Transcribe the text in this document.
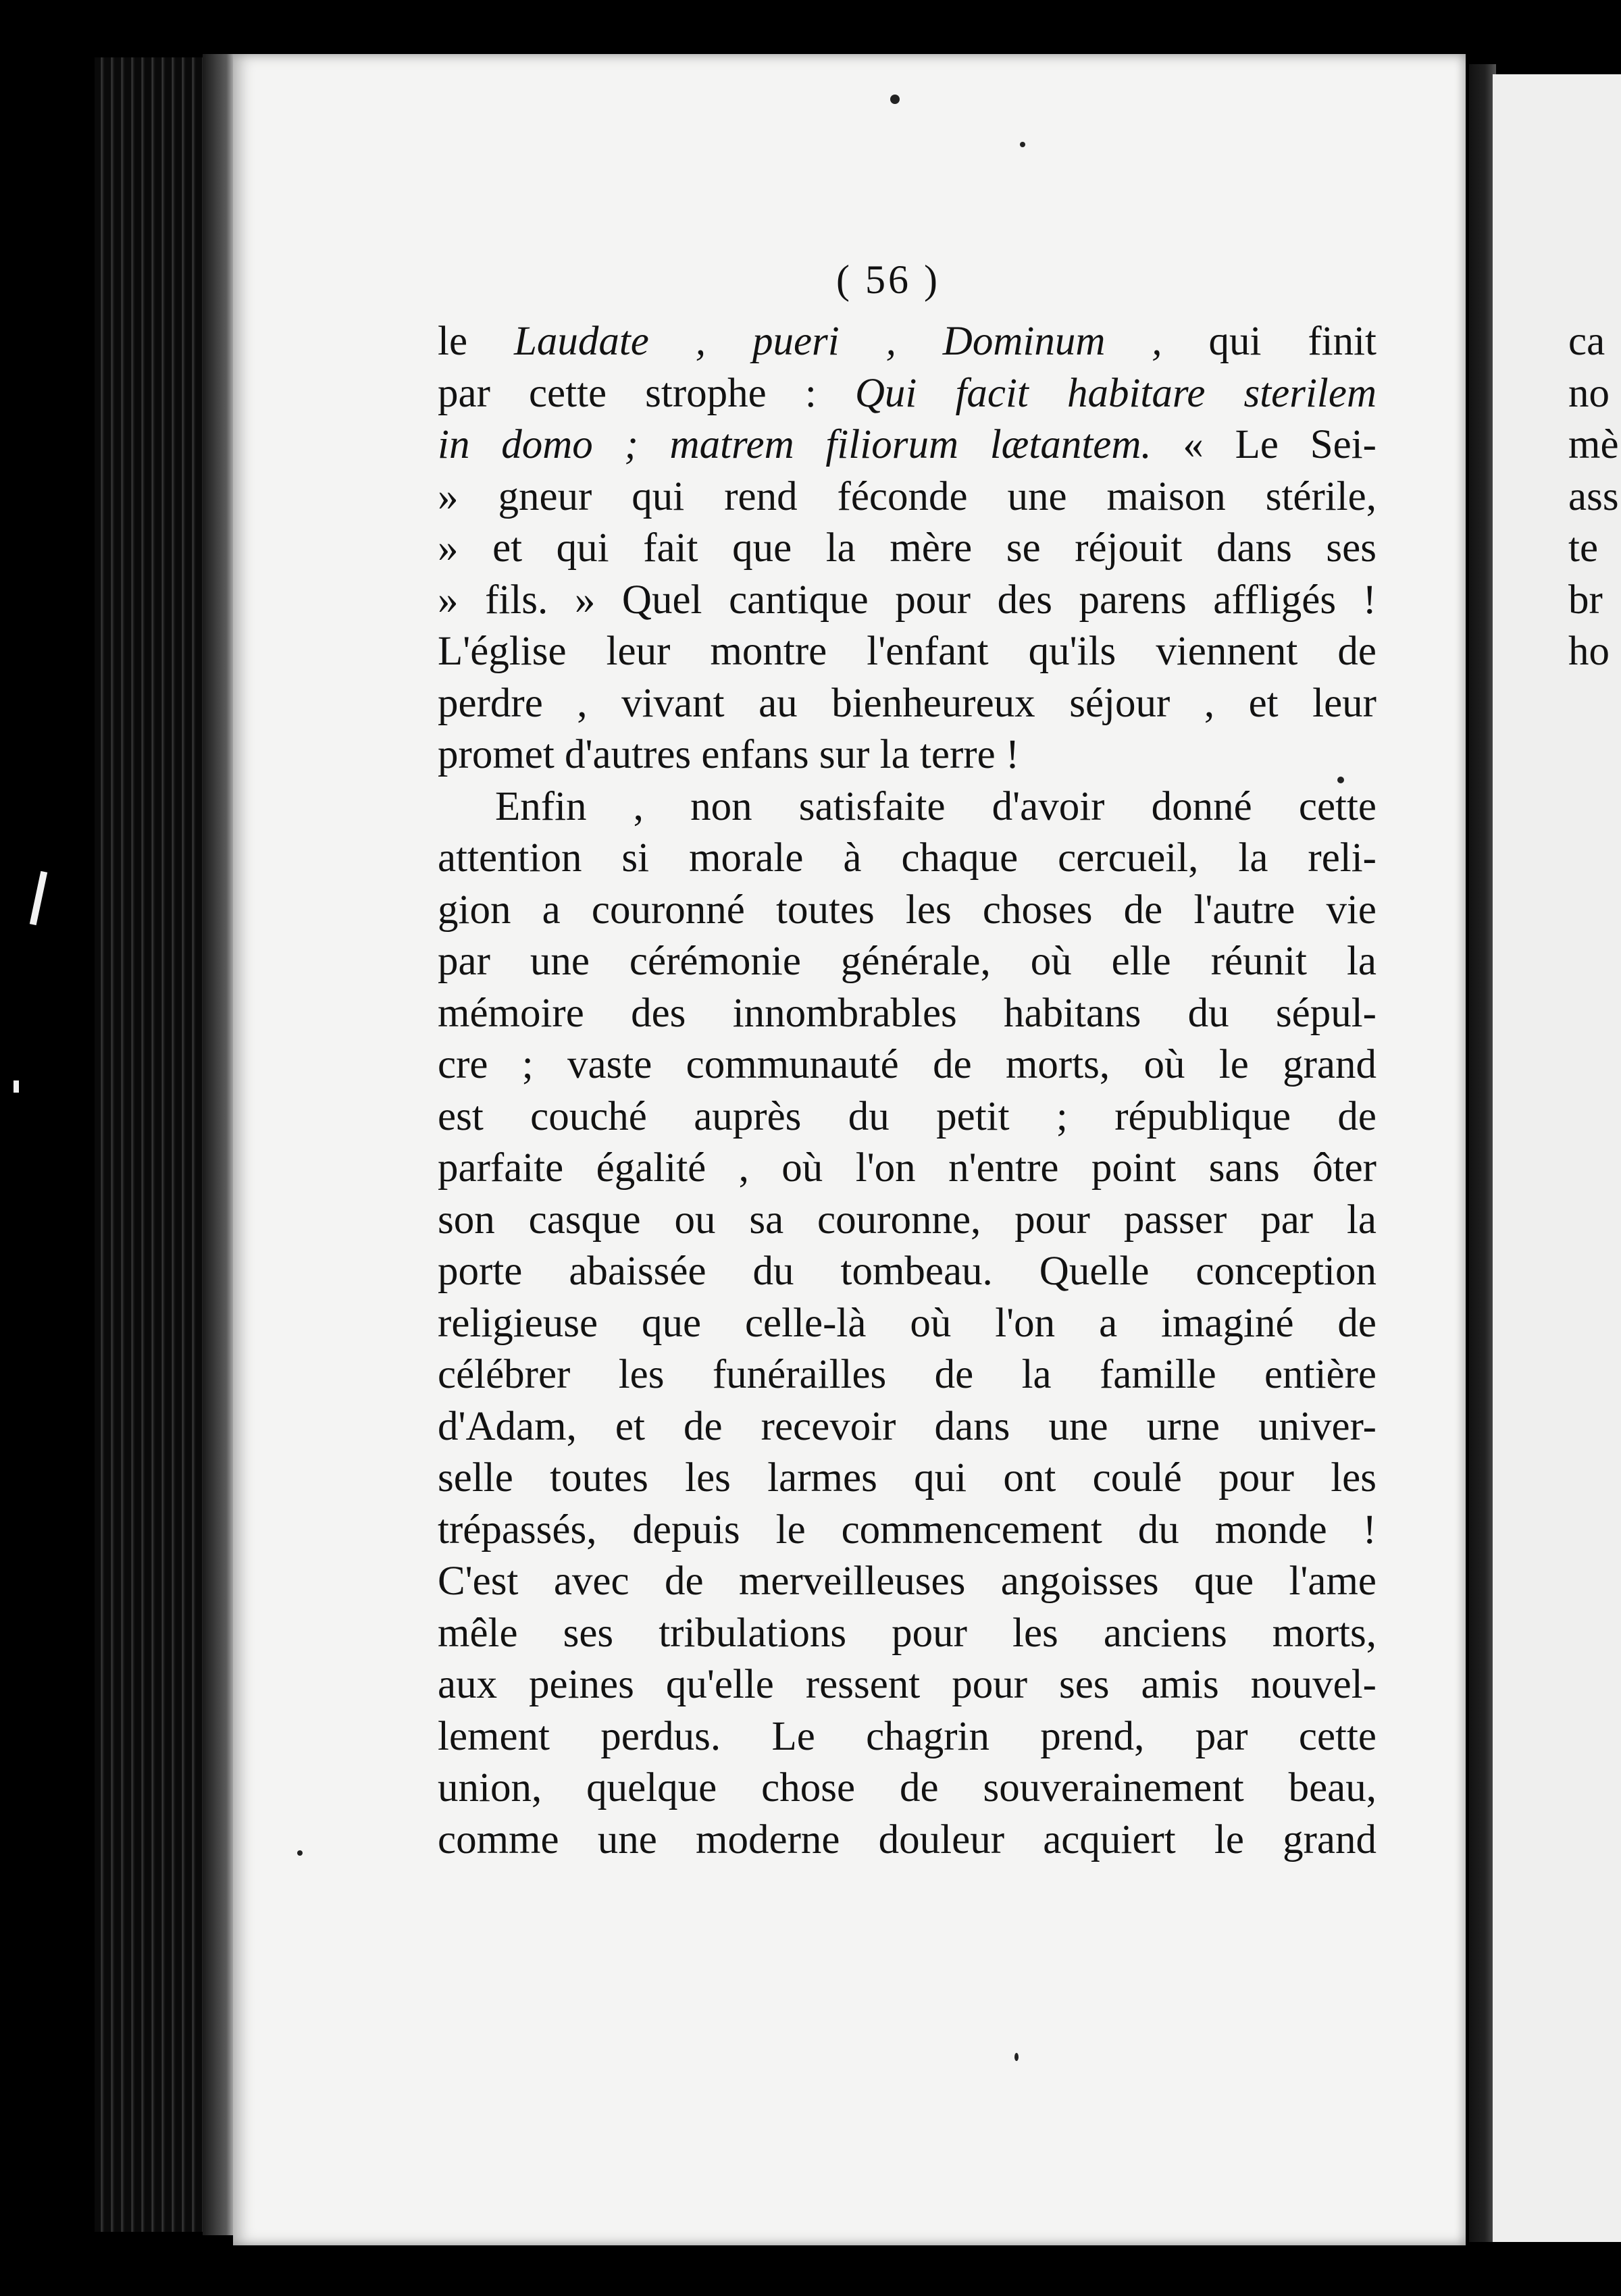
( 56 )
le Laudate , pueri , Dominum , qui finit
par cette strophe : Qui facit habitare sterilem
in domo ; matrem filiorum lætantem. « Le Sei-
» gneur qui rend féconde une maison stérile,
» et qui fait que la mère se réjouit dans ses
» fils. » Quel cantique pour des parens affligés !
L'église leur montre l'enfant qu'ils viennent de
perdre , vivant au bienheureux séjour , et leur
promet d'autres enfans sur la terre !
Enfin , non satisfaite d'avoir donné cette
attention si morale à chaque cercueil, la reli-
gion a couronné toutes les choses de l'autre vie
par une cérémonie générale, où elle réunit la
mémoire des innombrables habitans du sépul-
cre ; vaste communauté de morts, où le grand
est couché auprès du petit ; république de
parfaite égalité , où l'on n'entre point sans ôter
son casque ou sa couronne, pour passer par la
porte abaissée du tombeau. Quelle conception
religieuse que celle-là où l'on a imaginé de
célébrer les funérailles de la famille entière
d'Adam, et de recevoir dans une urne univer-
selle toutes les larmes qui ont coulé pour les
trépassés, depuis le commencement du monde !
C'est avec de merveilleuses angoisses que l'ame
mêle ses tribulations pour les anciens morts,
aux peines qu'elle ressent pour ses amis nouvel-
lement perdus. Le chagrin prend, par cette
union, quelque chose de souverainement beau,
comme une moderne douleur acquiert le grand
ca
no
mè
ass
te
br
ho
